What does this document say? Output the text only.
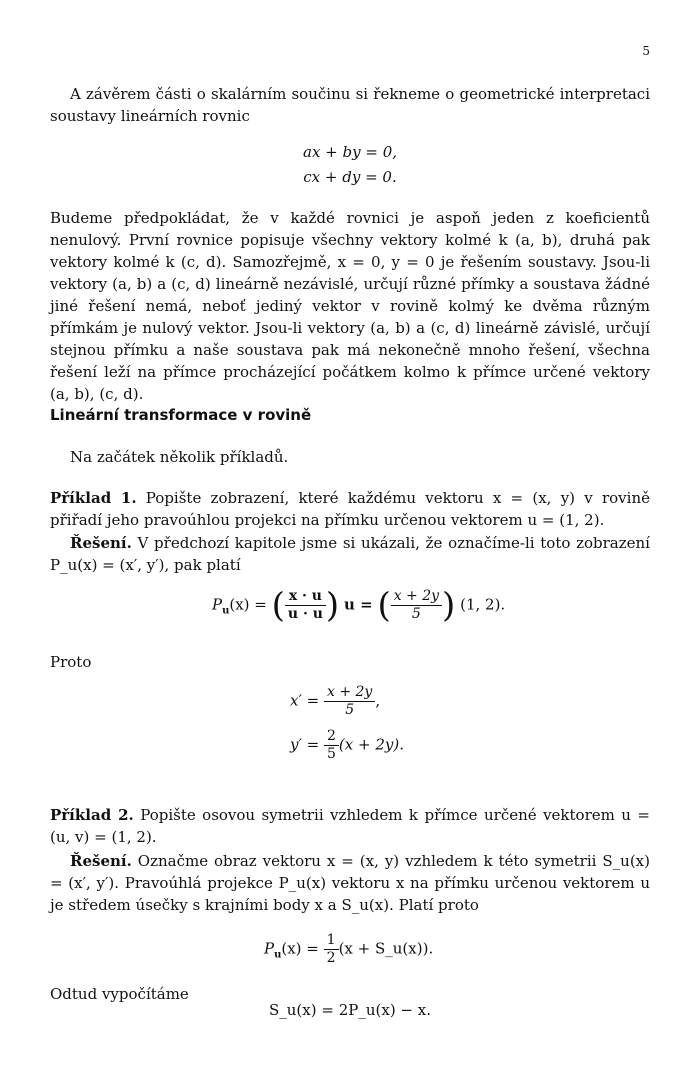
5
A závěrem části o skalárním součinu si řekneme o geometrické interpretaci soustavy lineárních rovnic
ax + by = 0,
cx + dy = 0.
Budeme předpokládat, že v každé rovnici je aspoň jeden z koeficientů nenulový. První rovnice popisuje všechny vektory kolmé k (a, b), druhá pak vektory kolmé k (c, d). Samozřejmě, x = 0, y = 0 je řešením soustavy. Jsou-li vektory (a, b) a (c, d) lineárně nezávislé, určují různé přímky a soustava žádné jiné řešení nemá, neboť jediný vektor v rovině kolmý ke dvěma různým přímkám je nulový vektor. Jsou-li vektory (a, b) a (c, d) lineárně závislé, určují stejnou přímku a naše soustava pak má nekonečně mnoho řešení, všechna řešení leží na přímce procházející počátkem kolmo k přímce určené vektory (a, b), (c, d).
Lineární transformace v rovině
Na začátek několik příkladů.
Příklad 1. Popište zobrazení, které každému vektoru x = (x, y) v rovině přiřadí jeho pravoúhlou projekci na přímku určenou vektorem u = (1, 2).
Řešení. V předchozí kapitole jsme si ukázali, že označíme-li toto zobrazení P_u(x) = (x′, y′), pak platí
$P_u(x)$ = ( $\frac{x \cdot u}{u \cdot u}$ ) u = ( $\frac{x + 2y}{5}$ ) (1, 2).
Proto
$x' = \frac{x + 2y}{5}$ ,
$y' = \frac{2}{5} (x + 2y)$.
Příklad 2. Popište osovou symetrii vzhledem k přímce určené vektorem u = (u, v) = (1, 2).
Řešení. Označme obraz vektoru x = (x, y) vzhledem k této symetrii S_u(x) = (x′, y′). Pravoúhlá projekce P_u(x) vektoru x na přímku určenou vektorem u je středem úsečky s krajními body x a S_u(x). Platí proto
$P_u(x) = \frac{1}{2} (x$ + S_u(x)).
Odtud vypočítáme
S_u(x) = 2P_u(x) − x.
